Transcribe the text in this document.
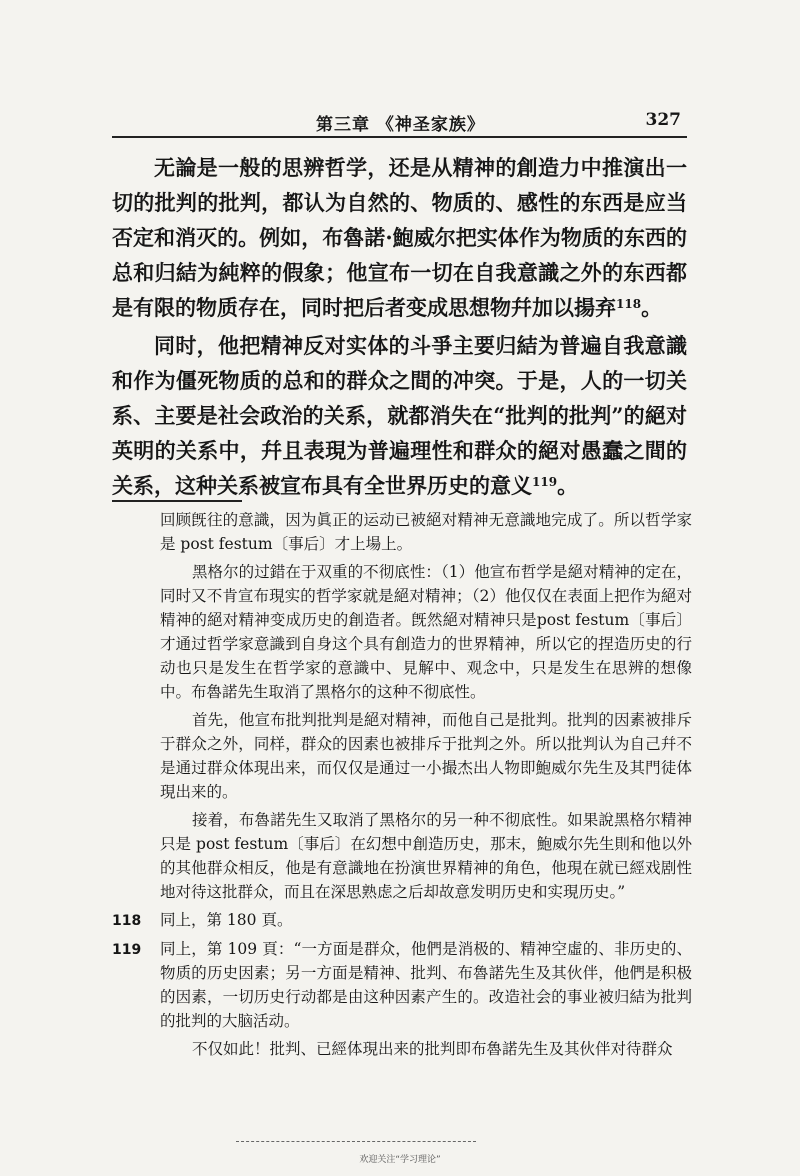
第三章 《神圣家族》	327

无論是一般的思辨哲学，还是从精神的創造力中推演出一切的批判的批判，都认为自然的、物质的、感性的东西是应当否定和消灭的。例如，布魯諾·鮑威尔把实体作为物质的东西的总和归結为純粹的假象；他宣布一切在自我意識之外的东西都是有限的物质存在，同时把后者变成思想物幷加以揚弃$^{118}$。

同时，他把精神反对实体的斗爭主要归結为普遍自我意識和作为僵死物质的总和的群众之間的冲突。于是，人的一切关系、主要是社会政治的关系，就都消失在“批判的批判”的絕对英明的关系中，幷且表現为普遍理性和群众的絕对愚蠢之間的关系，这种关系被宣布具有全世界历史的意义$^{119}$。

回顾旣往的意識，因为眞正的运动已被絕对精神无意識地完成了。所以哲学家是 post festum〔事后〕才上場上。

黑格尔的过錯在于双重的不彻底性：（1）他宣布哲学是絕对精神的定在，同时又不肯宣布現实的哲学家就是絕对精神；（2）他仅仅在表面上把作为絕对精神的絕对精神变成历史的創造者。旣然絕对精神只是post festum〔事后〕才通过哲学家意識到自身这个具有創造力的世界精神，所以它的捏造历史的行动也只是发生在哲学家的意識中、見解中、观念中，只是发生在思辨的想像中。布魯諾先生取消了黑格尔的这种不彻底性。

首先，他宣布批判批判是絕对精神，而他自己是批判。批判的因素被排斥于群众之外，同样，群众的因素也被排斥于批判之外。所以批判认为自己幷不是通过群众体現出来，而仅仅是通过一小撮杰出人物即鮑威尔先生及其門徒体現出来的。

接着，布魯諾先生又取消了黑格尔的另一种不彻底性。如果說黑格尔精神只是 post festum〔事后〕在幻想中創造历史，那末，鮑威尔先生則和他以外的其他群众相反，他是有意識地在扮演世界精神的角色，他現在就已經戏剧性地对待这批群众，而且在深思熟虑之后却故意发明历史和实現历史。”

118	同上，第 180 頁。
119	同上，第 109 頁：“一方面是群众，他們是消极的、精神空虛的、非历史的、物质的历史因素；另一方面是精神、批判、布魯諾先生及其伙伴，他們是积极的因素，一切历史行动都是由这种因素产生的。改造社会的事业被归結为批判的批判的大脑活动。
不仅如此！批判、已經体現出来的批判即布魯諾先生及其伙伴对待群众
欢迎关注“学习理论”
